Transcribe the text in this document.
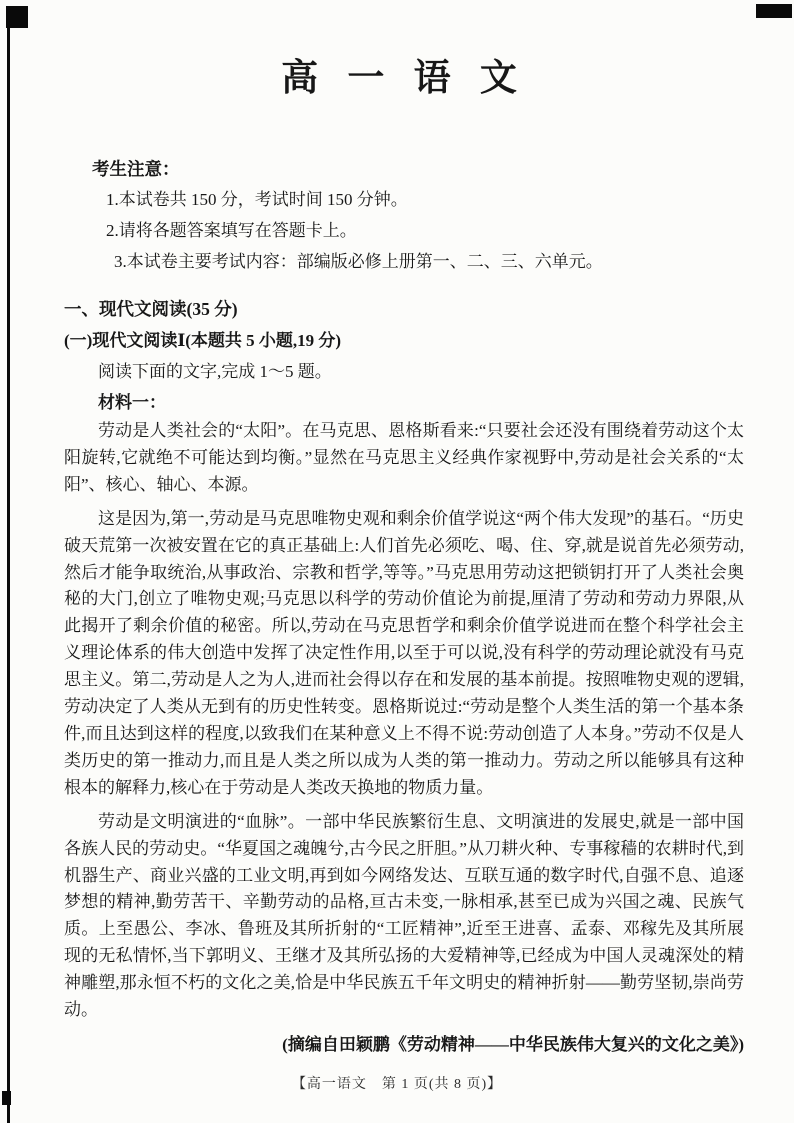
高 一 语 文
考生注意：
1.本试卷共 150 分，考试时间 150 分钟。
2.请将各题答案填写在答题卡上。
3.本试卷主要考试内容：部编版必修上册第一、二、三、六单元。
一、现代文阅读(35 分)
(一)现代文阅读Ⅰ(本题共 5 小题,19 分)

阅读下面的文字,完成 1～5 题。

材料一：

劳动是人类社会的“太阳”。在马克思、恩格斯看来:“只要社会还没有围绕着劳动这个太阳旋转,它就绝不可能达到均衡。”显然在马克思主义经典作家视野中,劳动是社会关系的“太阳”、核心、轴心、本源。

这是因为,第一,劳动是马克思唯物史观和剩余价值学说这“两个伟大发现”的基石。“历史破天荒第一次被安置在它的真正基础上:人们首先必须吃、喝、住、穿,就是说首先必须劳动,然后才能争取统治,从事政治、宗教和哲学,等等。”马克思用劳动这把锁钥打开了人类社会奥秘的大门,创立了唯物史观;马克思以科学的劳动价值论为前提,厘清了劳动和劳动力界限,从此揭开了剩余价值的秘密。所以,劳动在马克思哲学和剩余价值学说进而在整个科学社会主义理论体系的伟大创造中发挥了决定性作用,以至于可以说,没有科学的劳动理论就没有马克思主义。第二,劳动是人之为人,进而社会得以存在和发展的基本前提。按照唯物史观的逻辑,劳动决定了人类从无到有的历史性转变。恩格斯说过:“劳动是整个人类生活的第一个基本条件,而且达到这样的程度,以致我们在某种意义上不得不说:劳动创造了人本身。”劳动不仅是人类历史的第一推动力,而且是人类之所以成为人类的第一推动力。劳动之所以能够具有这种根本的解释力,核心在于劳动是人类改天换地的物质力量。

劳动是文明演进的“血脉”。一部中华民族繁衍生息、文明演进的发展史,就是一部中国各族人民的劳动史。“华夏国之魂魄兮,古今民之肝胆。”从刀耕火种、专事稼穑的农耕时代,到机器生产、商业兴盛的工业文明,再到如今网络发达、互联互通的数字时代,自强不息、追逐梦想的精神,勤劳苦干、辛勤劳动的品格,亘古未变,一脉相承,甚至已成为兴国之魂、民族气质。上至愚公、李冰、鲁班及其所折射的“工匠精神”,近至王进喜、孟泰、邓稼先及其所展现的无私情怀,当下郭明义、王继才及其所弘扬的大爱精神等,已经成为中国人灵魂深处的精神雕塑,那永恒不朽的文化之美,恰是中华民族五千年文明史的精神折射——勤劳坚韧,崇尚劳动。

(摘编自田颖鹏《劳动精神——中华民族伟大复兴的文化之美》)
【高一语文　第 1 页(共 8 页)】
